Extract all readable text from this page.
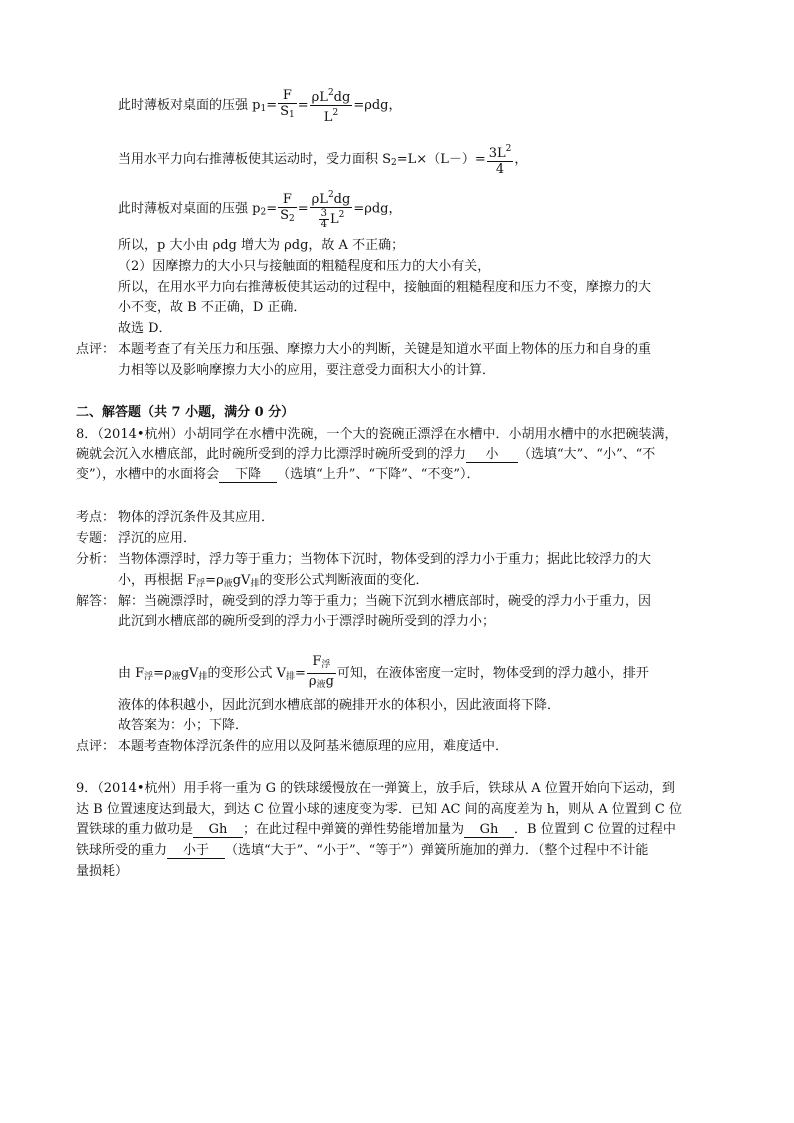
此时薄板对桌面的压强 $p_1= \frac{F}{S_1} = \frac{\rho L^2dg}{L^2} =\rho dg$，
当用水平力向右推薄板使其运动时，受力面积 $S_2=L\times(L-)= \frac{3L^2}{4}$ ，
此时薄板对桌面的压强 $p_2= \frac{F}{S_2} = \frac{\rho L^2dg}{\frac{3}{4} L^2} =\rho dg$，
所以，p 大小由 ρdg 增大为 ρdg，故 A 不正确；
（2）因摩擦力的大小只与接触面的粗糙程度和压力的大小有关，
所以，在用水平力向右推薄板使其运动的过程中，接触面的粗糙程度和压力不变，摩擦力的大
小不变，故 B 不正确，D 正确．
故选 D．
点评： 本题考查了有关压力和压强、摩擦力大小的判断，关键是知道水平面上物体的压力和自身的重
力相等以及影响摩擦力大小的应用，要注意受力面积大小的计算．
二、解答题（共 7 小题，满分 0 分）
8．（2014•杭州）小胡同学在水槽中洗碗，一个大的瓷碗正漂浮在水槽中．小胡用水槽中的水把碗装满，
碗就会沉入水槽底部，此时碗所受到的浮力比漂浮时碗所受到的浮力 小 （选填“大”、“小”、“不
变”），水槽中的水面将会 下降 （选填“上升”、“下降”、“不变”）．
考点： 物体的浮沉条件及其应用．
专题： 浮沉的应用．
分析： 当物体漂浮时，浮力等于重力；当物体下沉时，物体受到的浮力小于重力；据此比较浮力的大
小，再根据 $F_浮=\rho_液gV_排$的变形公式判断液面的变化．
解答： 解：当碗漂浮时，碗受到的浮力等于重力；当碗下沉到水槽底部时，碗受的浮力小于重力，因
此沉到水槽底部的碗所受到的浮力小于漂浮时碗所受到的浮力小；
由 $F_浮=\rho_液gV_排$的变形公式 $V_排= \frac{F_浮}{\rho_液g}$ 可知，在液体密度一定时，物体受到的浮力越小，排开
液体的体积越小，因此沉到水槽底部的碗排开水的体积小，因此液面将下降．
故答案为：小；下降．
点评： 本题考查物体浮沉条件的应用以及阿基米德原理的应用，难度适中．
9．（2014•杭州）用手将一重为 G 的铁球缓慢放在一弹簧上，放手后，铁球从 A 位置开始向下运动，到
达 B 位置速度达到最大，到达 C 位置小球的速度变为零．已知 AC 间的高度差为 h，则从 A 位置到 C 位
置铁球的重力做功是 Gh ；在此过程中弹簧的弹性势能增加量为 Gh ．B 位置到 C 位置的过程中
铁球所受的重力 小于 （选填“大于”、“小于”、“等于”）弹簧所施加的弹力．（整个过程中不计能
量损耗）
